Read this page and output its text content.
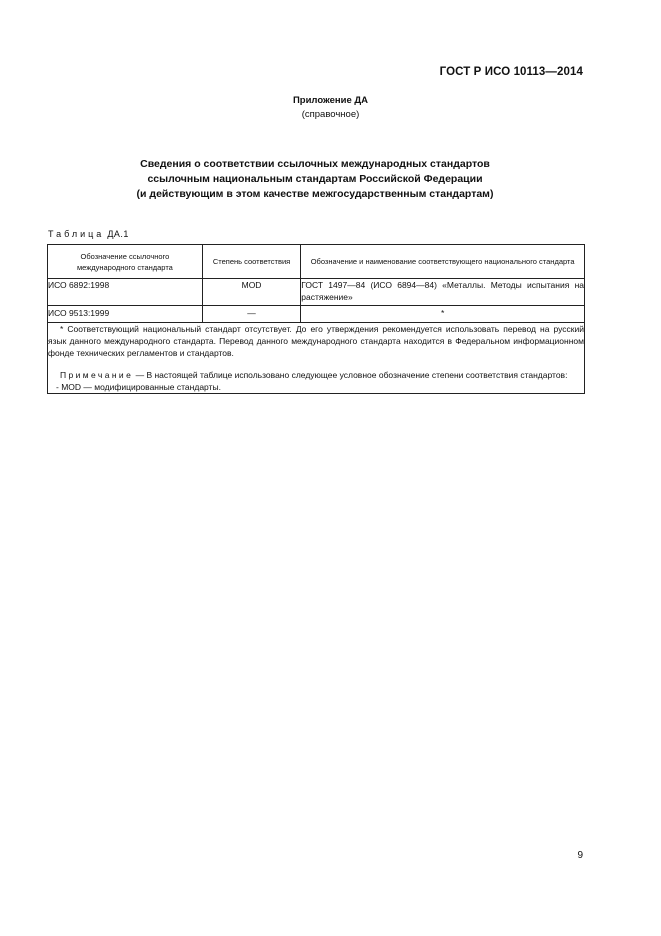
ГОСТ Р ИСО 10113—2014
Приложение ДА
(справочное)
Сведения о соответствии ссылочных международных стандартов
ссылочным национальным стандартам Российской Федерации
(и действующим в этом качестве межгосударственным стандартам)
Таблица ДА.1
Обозначение ссылочного международного стандарта	Степень соответствия	Обозначение и наименование соответствующего национального стандарта
ИСО 6892:1998	MOD	ГОСТ 1497—84 (ИСО 6894—84) «Металлы. Методы испытания на растяжение»
ИСО 9513:1999	—	*

* Соответствующий национальный стандарт отсутствует. До его утверждения рекомендуется использовать перевод на русский язык данного международного стандарта. Перевод данного международного стандарта находится в Федеральном информационном фонде технических регламентов и стандартов.
Примечание — В настоящей таблице использовано следующее условное обозначение степени соответствия стандартов:
- MOD — модифицированные стандарты.		
9
